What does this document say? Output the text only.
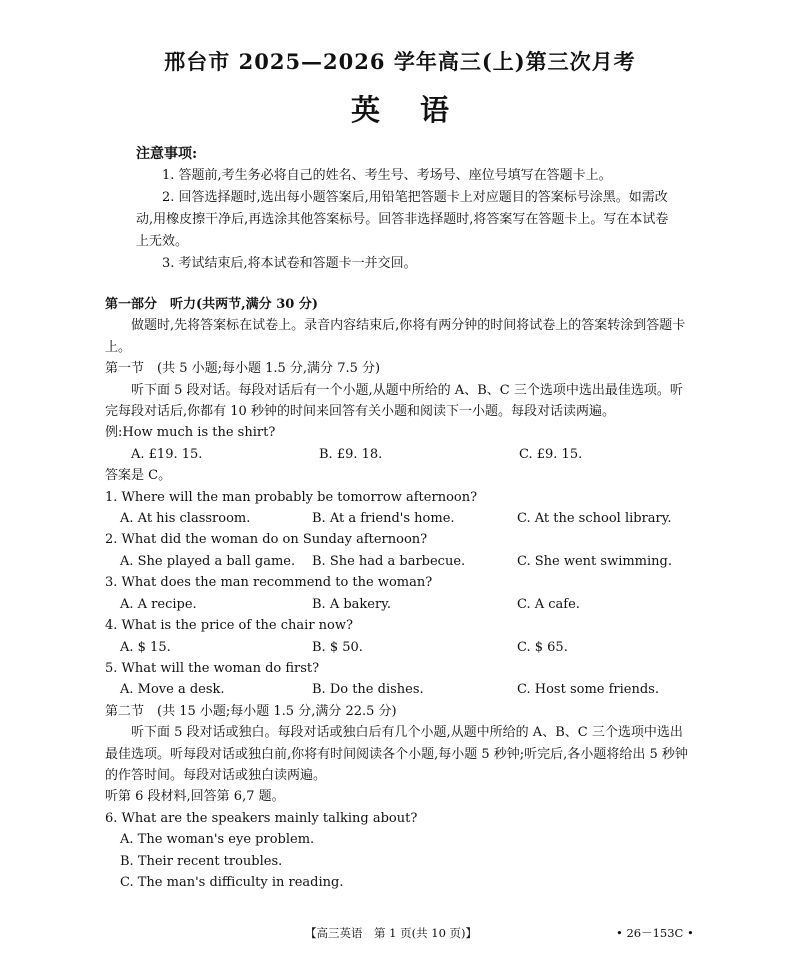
邢台市 2025—2026 学年高三(上)第三次月考
英语
注意事项:

1. 答题前,考生务必将自己的姓名、考生号、考场号、座位号填写在答题卡上。

2. 回答选择题时,选出每小题答案后,用铅笔把答题卡上对应题目的答案标号涂黑。如需改动,用橡皮擦干净后,再选涂其他答案标号。回答非选择题时,将答案写在答题卡上。写在本试卷上无效。

3. 考试结束后,将本试卷和答题卡一并交回。

第一部分　听力(共两节,满分 30 分)

做题时,先将答案标在试卷上。录音内容结束后,你将有两分钟的时间将试卷上的答案转涂到答题卡上。

第一节　(共 5 小题;每小题 1.5 分,满分 7.5 分)

听下面 5 段对话。每段对话后有一个小题,从题中所给的 A、B、C 三个选项中选出最佳选项。听完每段对话后,你都有 10 秒钟的时间来回答有关小题和阅读下一小题。每段对话读两遍。

例:How much is the shirt?

A. £19. 15.	B. £9. 18.	C. £9. 15.

答案是 C。

1. Where will the man probably be tomorrow afternoon?

A. At his classroom.	B. At a friend's home.	C. At the school library.

2. What did the woman do on Sunday afternoon?

A. She played a ball game.	B. She had a barbecue.	C. She went swimming.

3. What does the man recommend to the woman?

A. A recipe.	B. A bakery.	C. A cafe.

4. What is the price of the chair now?

A. $ 15.	B. $ 50.	C. $ 65.

5. What will the woman do first?

A. Move a desk.	B. Do the dishes.	C. Host some friends.

第二节　(共 15 小题;每小题 1.5 分,满分 22.5 分)

听下面 5 段对话或独白。每段对话或独白后有几个小题,从题中所给的 A、B、C 三个选项中选出最佳选项。听每段对话或独白前,你将有时间阅读各个小题,每小题 5 秒钟;听完后,各小题将给出 5 秒钟的作答时间。每段对话或独白读两遍。

听第 6 段材料,回答第 6,7 题。

6. What are the speakers mainly talking about?

A. The woman's eye problem.

B. Their recent troubles.

C. The man's difficulty in reading.

【高三英语　第 1 页(共 10 页)】	• 26－153C •
